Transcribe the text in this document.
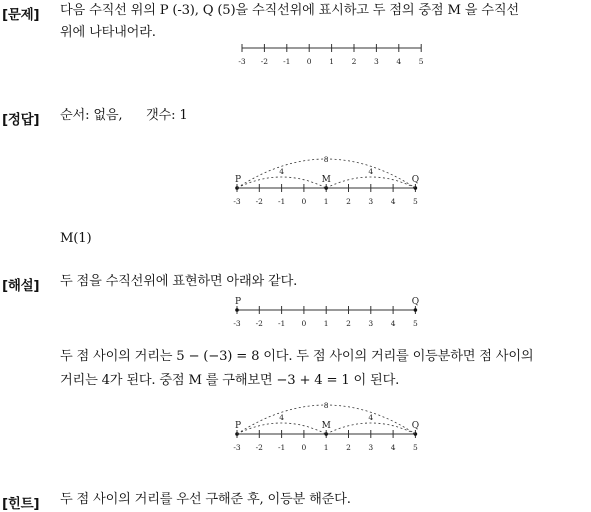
[문제] 다음 수직선 위의 P (-3), Q (5)을 수직선위에 표시하고 두 점의 중점 M 을 수직선
위에 나타내어라.
-3 -2 -1 0 1 2 3 4 5
[정답] 순서: 없음, 갯수: 1
M(1)
-3 -2 -1 0 1 2 3 4 5
P	Q
M
8
4	4
[해설] 두 점을 수직선위에 표현하면 아래와 같다.
두 점 사이의 거리는 5 − (−3) = 8 이다. 두 점 사이의 거리를 이등분하면 점 사이의
거리는 4가 된다. 중점 M 를 구해보면 −3 + 4 = 1 이 된다.
-3 -2 -1 0 1 2 3 4 5
P	Q
-3 -2 -1 0 1 2 3 4 5
P	Q
M
8
4	4
[힌트] 두 점 사이의 거리를 우선 구해준 후, 이등분 해준다.
